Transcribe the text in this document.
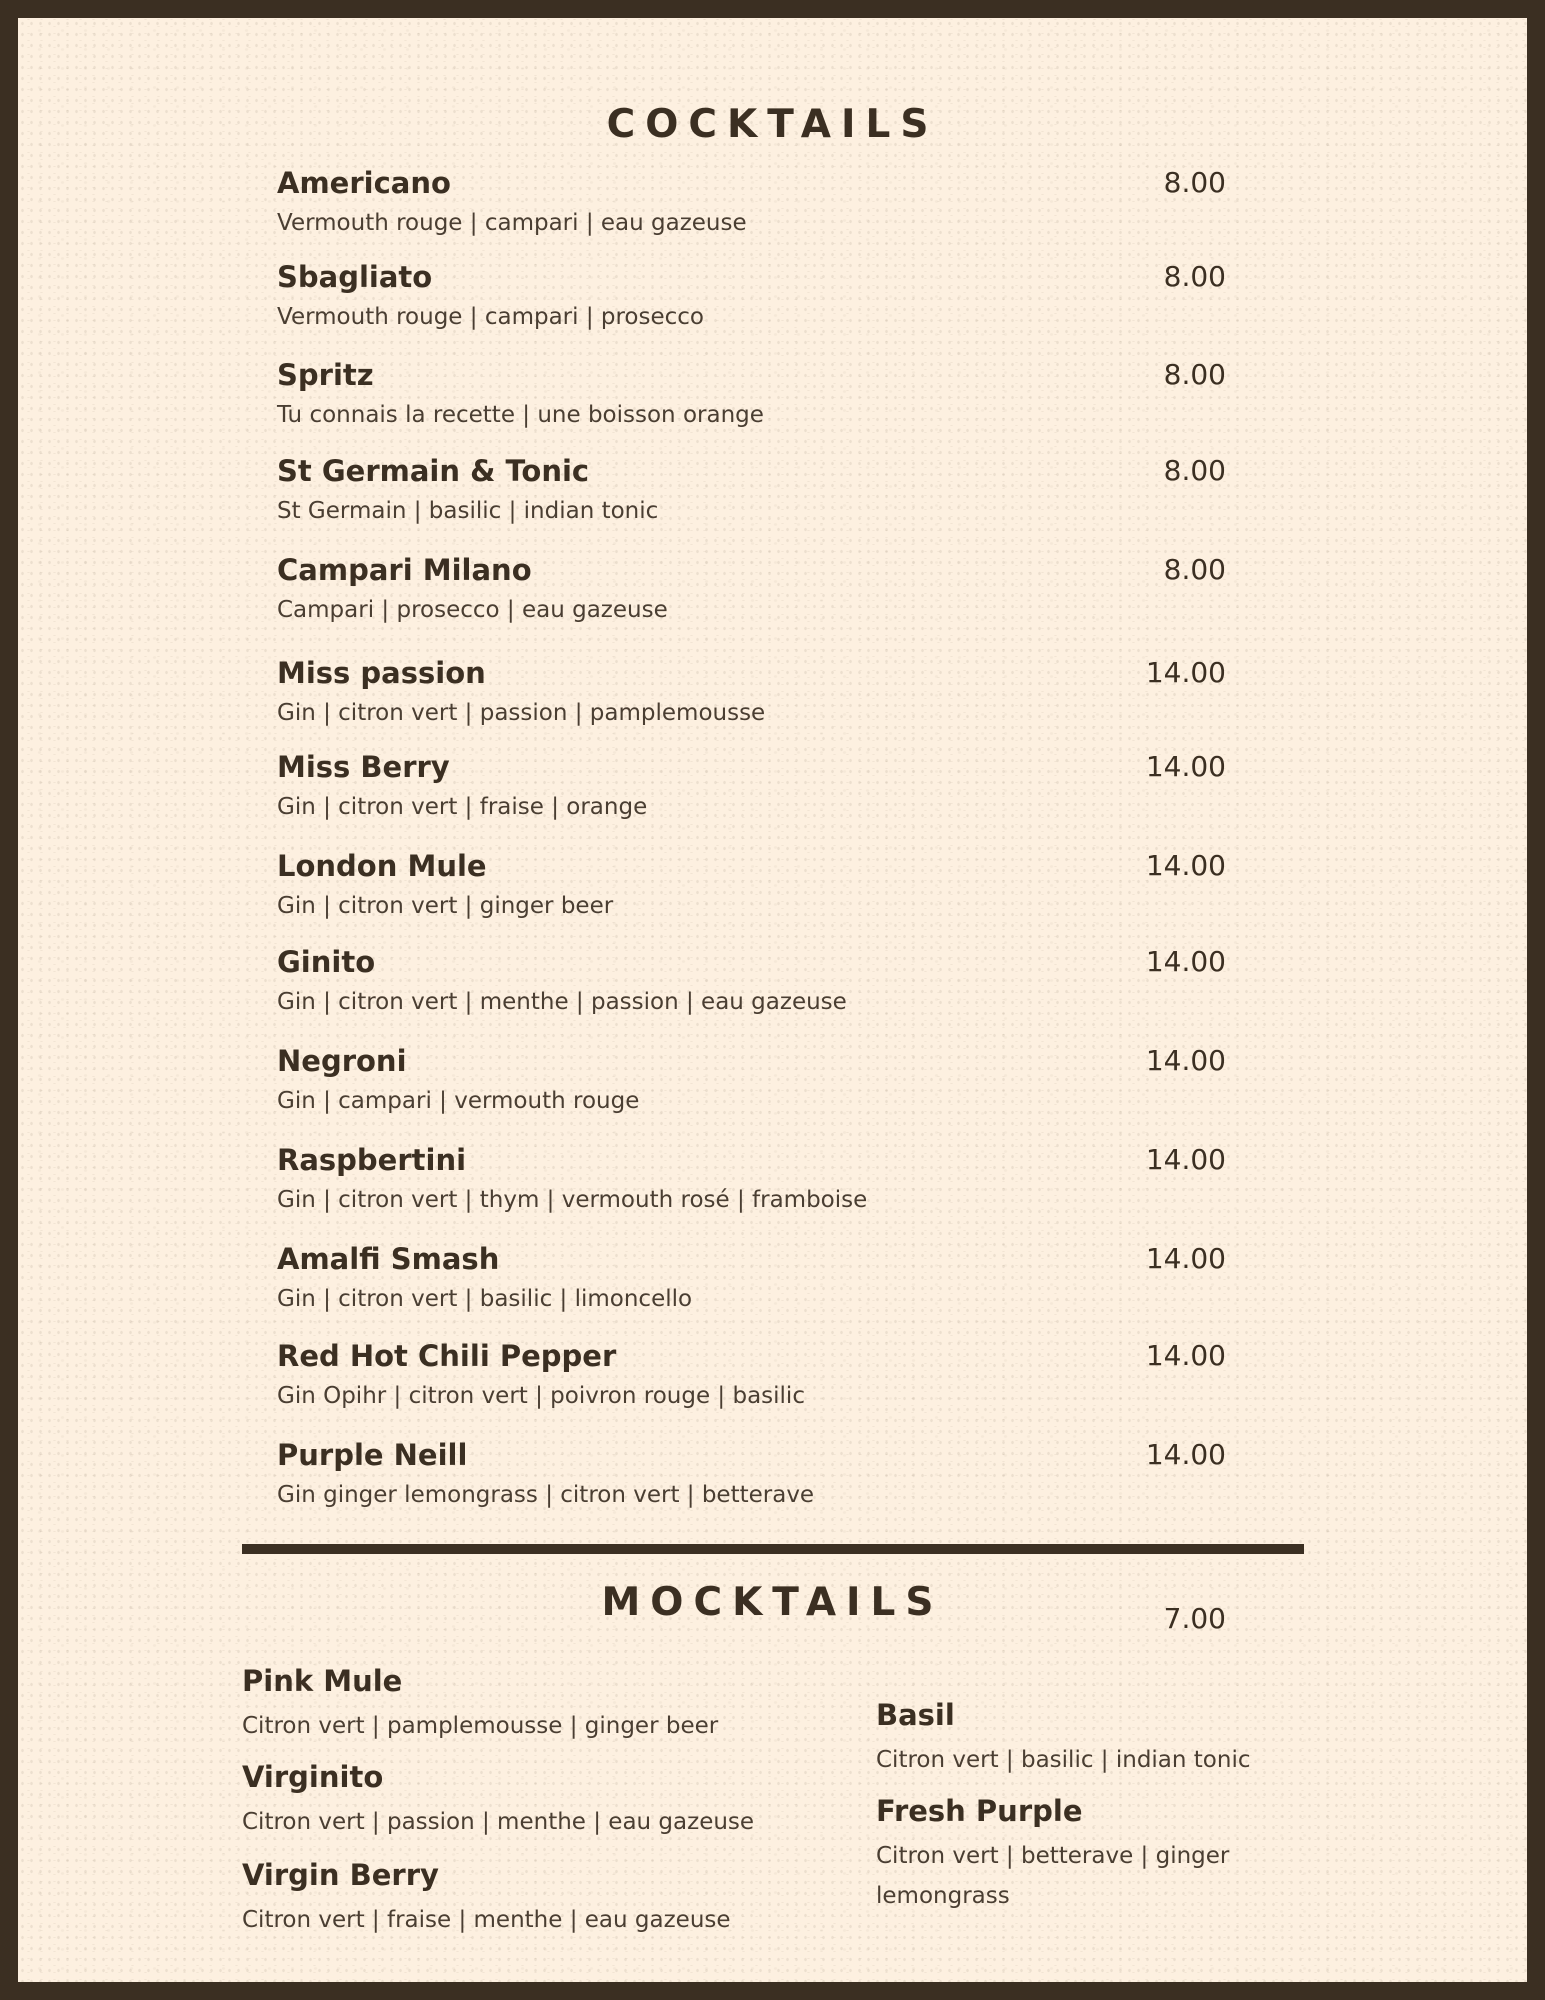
COCKTAILS
Americano	8.00
Vermouth rouge | campari | eau gazeuse
Sbagliato	8.00
Vermouth rouge | campari | prosecco
Spritz	8.00
Tu connais la recette | une boisson orange
St Germain & Tonic	8.00
St Germain | basilic | indian tonic
Campari Milano	8.00
Campari | prosecco | eau gazeuse
Miss passion	14.00
Gin | citron vert | passion | pamplemousse
Miss Berry	14.00
Gin | citron vert | fraise | orange
London Mule	14.00
Gin | citron vert | ginger beer
Ginito	14.00
Gin | citron vert | menthe | passion | eau gazeuse
Negroni	14.00
Gin | campari | vermouth rouge
Raspbertini	14.00
Gin | citron vert | thym | vermouth rosé | framboise
Amalfi Smash	14.00
Gin | citron vert | basilic | limoncello
Red Hot Chili Pepper	14.00
Gin Opihr | citron vert | poivron rouge | basilic
Purple Neill	14.00
Gin ginger lemongrass | citron vert | betterave
MOCKTAILS	7.00
Pink Mule
Citron vert | pamplemousse | ginger beer
Virginito
Citron vert | passion | menthe | eau gazeuse
Virgin Berry
Citron vert | fraise | menthe | eau gazeuse
Basil
Citron vert | basilic | indian tonic
Fresh Purple
Citron vert | betterave | ginger lemongrass
